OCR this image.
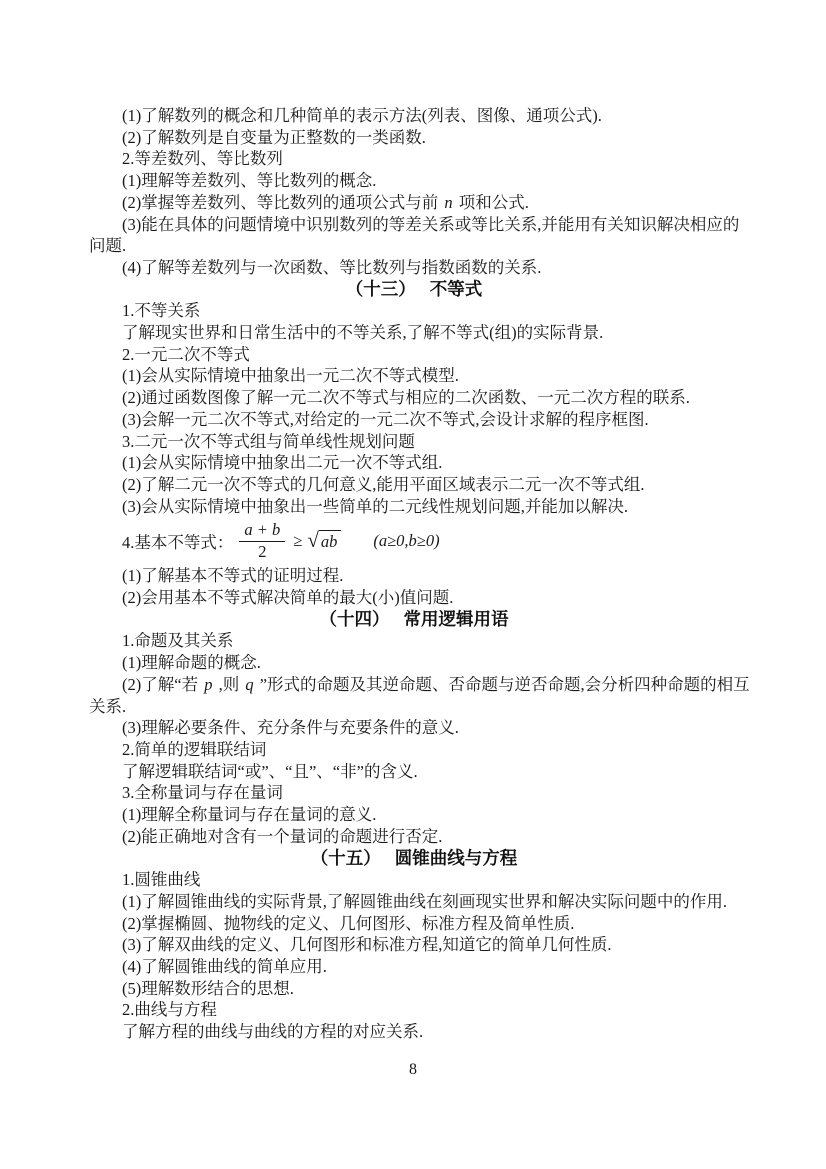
(1)了解数列的概念和几种简单的表示方法(列表、图像、通项公式).

(2)了解数列是自变量为正整数的一类函数.

2.等差数列、等比数列

(1)理解等差数列、等比数列的概念.

(2)掌握等差数列、等比数列的通项公式与前 n 项和公式.

(3)能在具体的问题情境中识别数列的等差关系或等比关系,并能用有关知识解决相应的

问题.

(4)了解等差数列与一次函数、等比数列与指数函数的关系.

（十三） 不等式

1.不等关系

了解现实世界和日常生活中的不等关系,了解不等式(组)的实际背景.

2.一元二次不等式

(1)会从实际情境中抽象出一元二次不等式模型.

(2)通过函数图像了解一元二次不等式与相应的二次函数、一元二次方程的联系.

(3)会解一元二次不等式,对给定的一元二次不等式,会设计求解的程序框图.

3.二元一次不等式组与简单线性规划问题

(1)会从实际情境中抽象出二元一次不等式组.

(2)了解二元一次不等式的几何意义,能用平面区域表示二元一次不等式组.

(3)会从实际情境中抽象出一些简单的二元线性规划问题,并能加以解决.

4.基本不等式： $\frac{a + b}{2}$ ≥ √ ab (a≥0,b≥0)

(1)了解基本不等式的证明过程.

(2)会用基本不等式解决简单的最大(小)值问题.

（十四） 常用逻辑用语

1.命题及其关系

(1)理解命题的概念.

(2)了解“若 p ,则 q ”形式的命题及其逆命题、否命题与逆否命题,会分析四种命题的相互

关系.

(3)理解必要条件、充分条件与充要条件的意义.

2.简单的逻辑联结词

了解逻辑联结词“或”、“且”、“非”的含义.

3.全称量词与存在量词

(1)理解全称量词与存在量词的意义.

(2)能正确地对含有一个量词的命题进行否定.

（十五） 圆锥曲线与方程

1.圆锥曲线

(1)了解圆锥曲线的实际背景,了解圆锥曲线在刻画现实世界和解决实际问题中的作用.

(2)掌握椭圆、抛物线的定义、几何图形、标准方程及简单性质.

(3)了解双曲线的定义、几何图形和标准方程,知道它的简单几何性质.

(4)了解圆锥曲线的简单应用.

(5)理解数形结合的思想.

2.曲线与方程

了解方程的曲线与曲线的方程的对应关系.

8
